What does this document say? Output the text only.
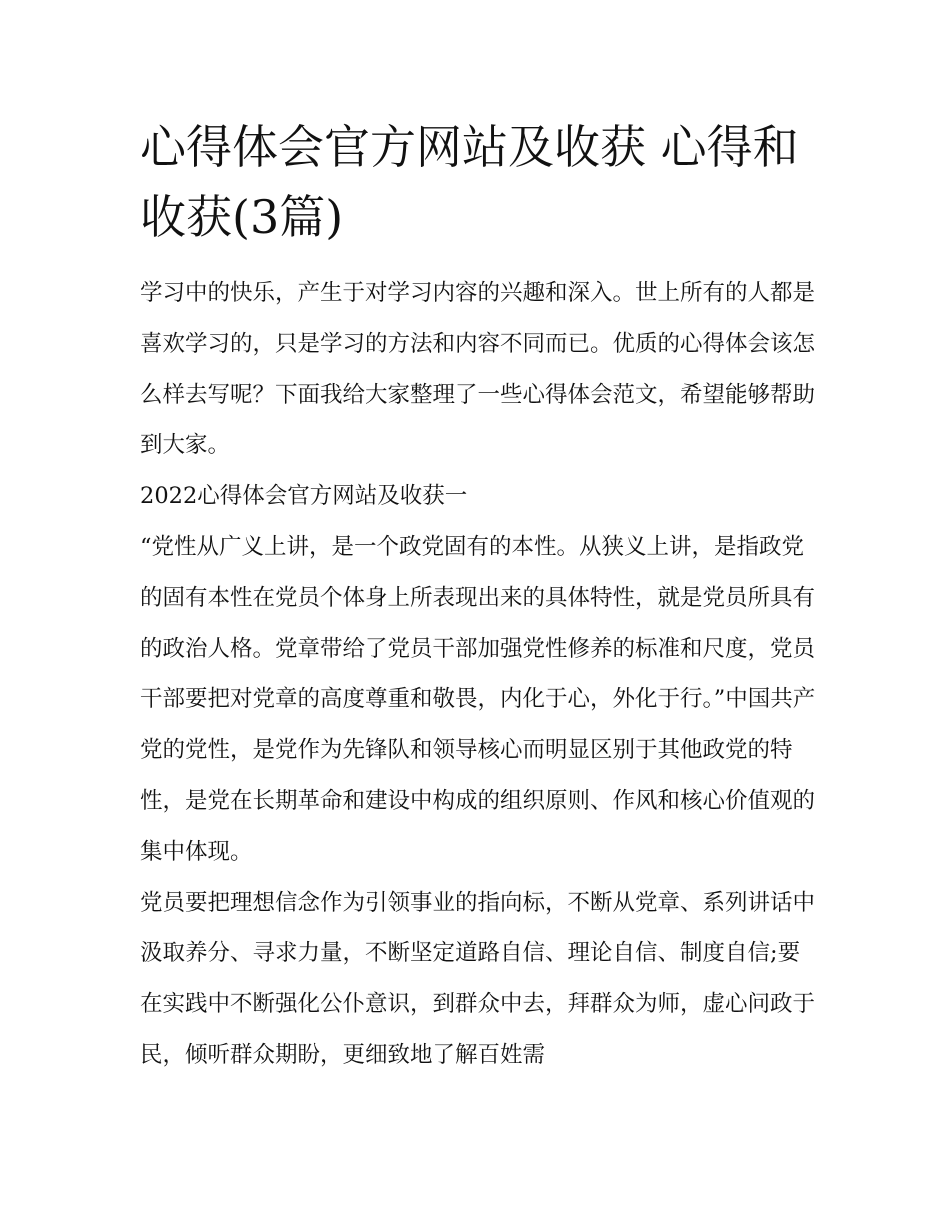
心得体会官方网站及收获 心得和收获(3篇)

学习中的快乐，产生于对学习内容的兴趣和深入。世上所有的人都是喜欢学习的，只是学习的方法和内容不同而已。优质的心得体会该怎么样去写呢？下面我给大家整理了一些心得体会范文，希望能够帮助到大家。

2022心得体会官方网站及收获一

“党性从广义上讲，是一个政党固有的本性。从狭义上讲，是指政党的固有本性在党员个体身上所表现出来的具体特性，就是党员所具有的政治人格。党章带给了党员干部加强党性修养的标准和尺度，党员干部要把对党章的高度尊重和敬畏，内化于心，外化于行。”中国共产党的党性，是党作为先锋队和领导核心而明显区别于其他政党的特性，是党在长期革命和建设中构成的组织原则、作风和核心价值观的集中体现。

党员要把理想信念作为引领事业的指向标，不断从党章、系列讲话中汲取养分、寻求力量，不断坚定道路自信、理论自信、制度自信;要在实践中不断强化公仆意识，到群众中去，拜群众为师，虚心问政于民，倾听群众期盼，更细致地了解百姓需
